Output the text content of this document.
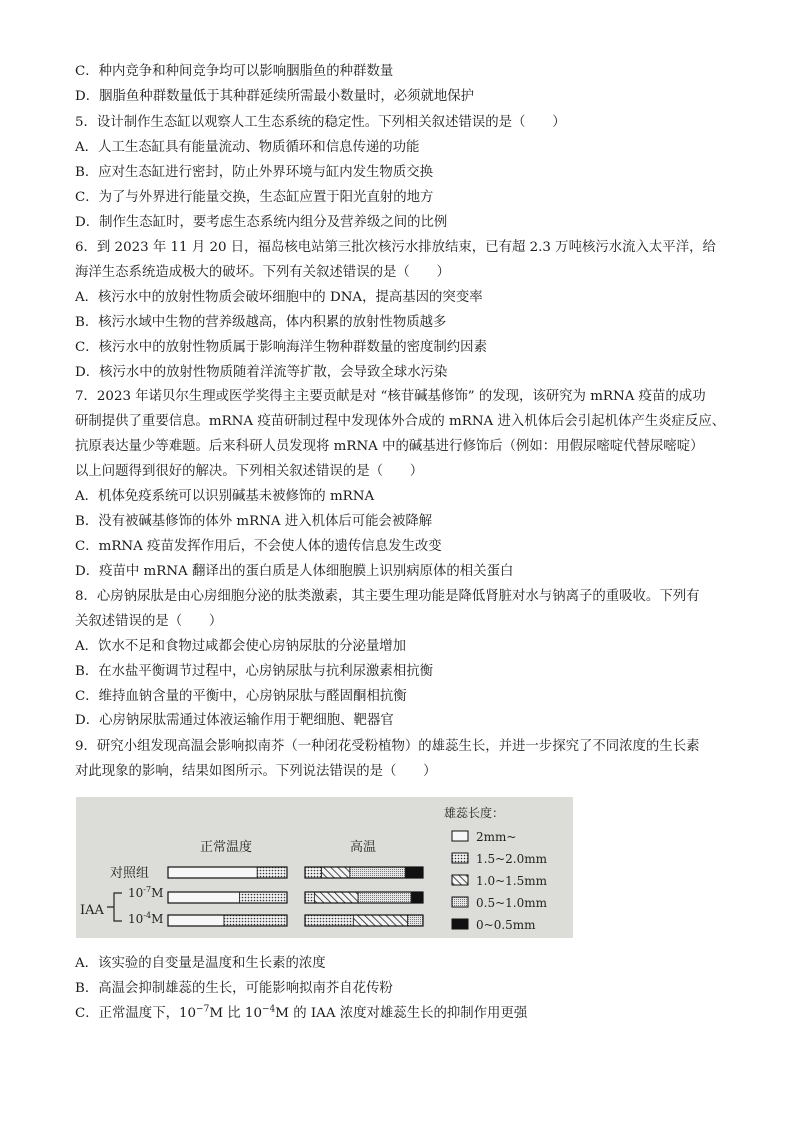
C．种内竞争和种间竞争均可以影响胭脂鱼的种群数量
D．胭脂鱼种群数量低于其种群延续所需最小数量时，必须就地保护
5．设计制作生态缸以观察人工生态系统的稳定性。下列相关叙述错误的是（　　）
A．人工生态缸具有能量流动、物质循环和信息传递的功能
B．应对生态缸进行密封，防止外界环境与缸内发生物质交换
C．为了与外界进行能量交换，生态缸应置于阳光直射的地方
D．制作生态缸时，要考虑生态系统内组分及营养级之间的比例
6．到 2023 年 11 月 20 日，福岛核电站第三批次核污水排放结束，已有超 2.3 万吨核污水流入太平洋，给
海洋生态系统造成极大的破坏。下列有关叙述错误的是（　　）
A．核污水中的放射性物质会破坏细胞中的 DNA，提高基因的突变率
B．核污水域中生物的营养级越高，体内积累的放射性物质越多
C．核污水中的放射性物质属于影响海洋生物种群数量的密度制约因素
D．核污水中的放射性物质随着洋流等扩散，会导致全球水污染
7．2023 年诺贝尔生理或医学奖得主主要贡献是对 “核苷碱基修饰” 的发现，该研究为 mRNA 疫苗的成功
研制提供了重要信息。mRNA 疫苗研制过程中发现体外合成的 mRNA 进入机体后会引起机体产生炎症反应、
抗原表达量少等难题。后来科研人员发现将 mRNA 中的碱基进行修饰后（例如：用假尿嘧啶代替尿嘧啶）
以上问题得到很好的解决。下列相关叙述错误的是（　　）
A．机体免疫系统可以识别碱基未被修饰的 mRNA
B．没有被碱基修饰的体外 mRNA 进入机体后可能会被降解
C．mRNA 疫苗发挥作用后，不会使人体的遗传信息发生改变
D．疫苗中 mRNA 翻译出的蛋白质是人体细胞膜上识别病原体的相关蛋白
8．心房钠尿肽是由心房细胞分泌的肽类激素，其主要生理功能是降低肾脏对水与钠离子的重吸收。下列有
关叙述错误的是（　　）
A．饮水不足和食物过咸都会使心房钠尿肽的分泌量增加
B．在水盐平衡调节过程中，心房钠尿肽与抗利尿激素相抗衡
C．维持血钠含量的平衡中，心房钠尿肽与醛固酮相抗衡
D．心房钠尿肽需通过体液运输作用于靶细胞、靶器官
9．研究小组发现高温会影响拟南芥（一种闭花受粉植物）的雄蕊生长，并进一步探究了不同浓度的生长素
对此现象的影响，结果如图所示。下列说法错误的是（　　）
正常温度	高温
对照组
IAA
$10^{-7}M$
$10^{-4}M$
雄蕊长度：
2mm~
1.5~2.0mm
1.0~1.5mm
0.5~1.0mm
0~0.5mm
A．该实验的自变量是温度和生长素的浓度
B．高温会抑制雄蕊的生长，可能影响拟南芥自花传粉
C．正常温度下，$10^{-7}M$ 比 $10^{-4}M$ 的 IAA 浓度对雄蕊生长的抑制作用更强
